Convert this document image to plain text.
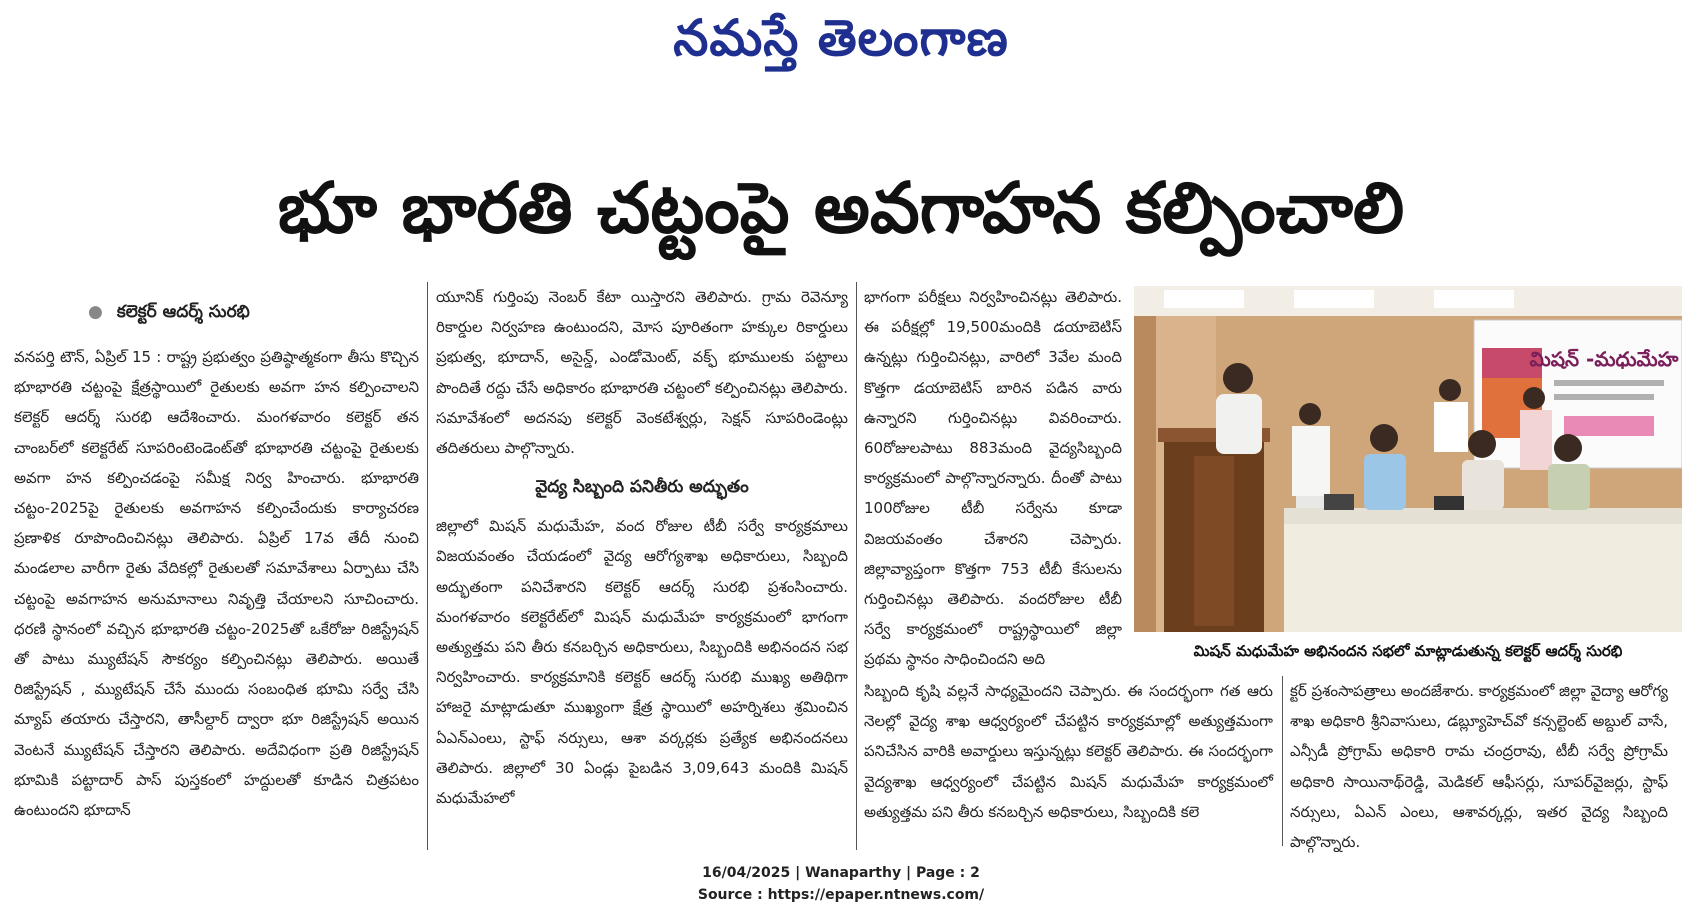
నమస్తే తెలంగాణ
భూ భారతి చట్టంపై అవగాహన కల్పించాలి
● కలెక్టర్ ఆదర్శ్ సురభి

వనపర్తి టౌన్, ఏప్రిల్ 15 : రాష్ట్ర ప్రభుత్వం ప్రతిష్ఠాత్మకంగా తీసు కొచ్చిన భూభారతి చట్టంపై క్షేత్రస్థాయిలో రైతులకు అవగా హన కల్పించాలని కలెక్టర్ ఆదర్శ్ సురభి ఆదేశించారు. మంగళవారం కలెక్టర్ తన చాంబర్‌లో కలెక్టరేట్ సూపరింటెండెంట్‌తో భూభారతి చట్టంపై రైతులకు అవగా హన కల్పించడంపై సమీక్ష నిర్వ హించారు. భూభారతి చట్టం-2025పై రైతులకు అవగాహన కల్పించేందుకు కార్యాచరణ ప్రణాళిక రూపొందించినట్లు తెలిపారు. ఏప్రిల్ 17వ తేదీ నుంచి మండలాల వారీగా రైతు వేదికల్లో రైతులతో సమావేశాలు ఏర్పాటు చేసి చట్టంపై అవగాహన అనుమానాలు నివృత్తి చేయాలని సూచించారు. ధరణి స్థానంలో వచ్చిన భూభారతి చట్టం-2025తో ఒకేరోజు రిజిస్ట్రేషన్ తో పాటు మ్యుటేషన్ సౌకర్యం కల్పించినట్లు తెలిపారు. అయితే రిజిస్ట్రేషన్ , మ్యుటేషన్ చేసే ముందు సంబంధిత భూమి సర్వే చేసి మ్యాప్ తయారు చేస్తారని, తాసీల్దార్ ద్వారా భూ రిజిస్ట్రేషన్ అయిన వెంటనే మ్యుటేషన్ చేస్తారని తెలిపారు. అదేవిధంగా ప్రతి రిజిస్ట్రేషన్ భూమికి పట్టాదార్ పాస్ పుస్తకంలో హద్దులతో కూడిన చిత్రపటం ఉంటుందని భూదాన్

యూనిక్ గుర్తింపు నెంబర్ కేటా యిస్తారని తెలిపారు. గ్రామ రెవెన్యూ రికార్డుల నిర్వహణ ఉంటుందని, మోస పూరితంగా హక్కుల రికార్డులు ప్రభుత్వ, భూదాన్, అసైన్డ్, ఎండోమెంట్, వక్ఫ్ భూములకు పట్టాలు పొందితే రద్దు చేసే అధికారం భూభారతి చట్టంలో కల్పించినట్లు తెలిపారు. సమావేశంలో అదనపు కలెక్టర్ వెంకటేశ్వర్లు, సెక్షన్ సూపరిండెంట్లు తదితరులు పాల్గొన్నారు.

వైద్య సిబ్బంది పనితీరు అద్భుతం

జిల్లాలో మిషన్ మధుమేహ, వంద రోజుల టీబీ సర్వే కార్యక్రమాలు విజయవంతం చేయడంలో వైద్య ఆరోగ్యశాఖ అధికారులు, సిబ్బంది అద్భుతంగా పనిచేశారని కలెక్టర్ ఆదర్శ్ సురభి ప్రశంసించారు. మంగళవారం కలెక్టరేట్‌లో మిషన్ మధుమేహ కార్యక్రమంలో భాగంగా అత్యుత్తమ పని తీరు కనబర్చిన అధికారులు, సిబ్బందికి అభినందన సభ నిర్వహించారు. కార్యక్రమానికి కలెక్టర్ ఆదర్శ్ సురభి ముఖ్య అతిథిగా హాజరై మాట్లాడుతూ ముఖ్యంగా క్షేత్ర స్థాయిలో అహర్నిశలు శ్రమించిన ఏఎన్‌ఎంలు, స్టాఫ్ నర్సులు, ఆశా వర్కర్లకు ప్రత్యేక అభినందనలు తెలిపారు. జిల్లాలో 30 ఏండ్లు పైబడిన 3,09,643 మందికి మిషన్ మధుమేహలో

భాగంగా పరీక్షలు నిర్వహించినట్లు తెలిపారు. ఈ పరీక్షల్లో 19,500మందికి డయాబెటిస్ ఉన్నట్లు గుర్తించినట్లు, వారిలో 3వేల మంది కొత్తగా డయాబెటిస్ బారిన పడిన వారు ఉన్నారని గుర్తించినట్లు వివరించారు. 60రోజులపాటు 883మంది వైద్యసిబ్బంది కార్యక్రమంలో పాల్గొన్నారన్నారు. దీంతో పాటు 100రోజుల టీబీ సర్వేను కూడా విజయవంతం చేశారని చెప్పారు. జిల్లావ్యాప్తంగా కొత్తగా 753 టీబీ కేసులను గుర్తించినట్లు తెలిపారు. వందరోజుల టీబీ సర్వే కార్యక్రమంలో రాష్ట్రస్థాయిలో జిల్లా ప్రథమ స్థానం సాధించిందని అది

మిషన్ -మధుమేహ
మిషన్ మధుమేహ అభినందన సభలో మాట్లాడుతున్న కలెక్టర్ ఆదర్శ్ సురభి

సిబ్బంది కృషి వల్లనే సాధ్యమైందని చెప్పారు. ఈ సందర్భంగా గత ఆరు నెలల్లో వైద్య శాఖ ఆధ్వర్యంలో చేపట్టిన కార్యక్రమాల్లో అత్యుత్తమంగా పనిచేసిన వారికి అవార్డులు ఇస్తున్నట్లు కలెక్టర్ తెలిపారు. ఈ సందర్భంగా వైద్యశాఖ ఆధ్వర్యంలో చేపట్టిన మిషన్ మధుమేహ కార్యక్రమంలో అత్యుత్తమ పని తీరు కనబర్చిన అధికారులు, సిబ్బందికి కలె

క్టర్ ప్రశంసాపత్రాలు అందజేశారు. కార్యక్రమంలో జిల్లా వైద్యా ఆరోగ్య శాఖ అధికారి శ్రీనివాసులు, డబ్ల్యూహెచ్‌వో కన్సల్టెంట్ అబ్దుల్ వాసే, ఎన్సీడీ ప్రోగ్రామ్ అధికారి రామ చంద్రరావు, టీబీ సర్వే ప్రోగ్రామ్ అధికారి సాయినాథ్‌రెడ్డి, మెడికల్ ఆఫీసర్లు, సూపర్‌వైజర్లు, స్టాఫ్ నర్సులు, ఏఎన్ ఎంలు, ఆశావర్కర్లు, ఇతర వైద్య సిబ్బంది పాల్గొన్నారు.

16/04/2025 | Wanaparthy | Page : 2
Source : https://epaper.ntnews.com/
